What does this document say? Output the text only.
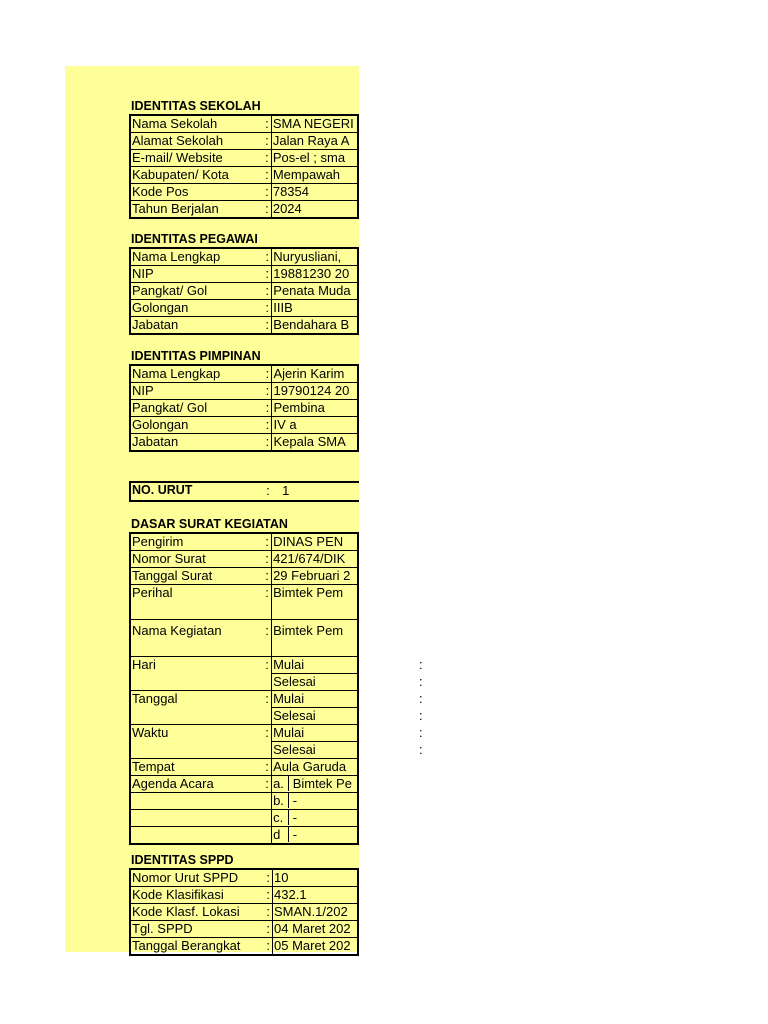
IDENTITAS SEKOLAH
Nama Sekolah	:	SMA NEGERI
Alamat Sekolah	:	Jalan Raya A
E-mail/ Website	:	Pos-el ; sma
Kabupaten/ Kota	:	Mempawah
Kode Pos	:	78354
Tahun Berjalan	:	2024
IDENTITAS PEGAWAI
Nama Lengkap	:	Nuryusliani,
NIP	:	19881230 20
Pangkat/ Gol	:	Penata Muda
Golongan	:	IIIB
Jabatan	:	Bendahara B
IDENTITAS PIMPINAN
Nama Lengkap	:	Ajerin Karim
NIP	:	19790124 20
Pangkat/ Gol	:	Pembina
Golongan	:	IV a
Jabatan	:	Kepala SMA
NO. URUT	:	1
DASAR SURAT KEGIATAN
Pengirim	:	DINAS PEN
Nomor Surat	:	421/674/DIK
Tanggal Surat	:	29 Februari 2
Perihal	:	Bimtek Pem
Nama Kegiatan	:	Bimtek Pem
Hari	:	Mulai :

		Selesai :

Tanggal	:	Mulai :

		Selesai :

Waktu	:	Mulai :

		Selesai :

Tempat	:	Aula Garuda
Agenda Acara	:	a. Bimtek Pe
		b. -
		c. -
		d -
IDENTITAS SPPD
Nomor Urut SPPD	:	10
Kode Klasifikasi	:	432.1
Kode Klasf. Lokasi	:	SMAN.1/202
Tgl. SPPD	:	04 Maret 202
Tanggal Berangkat	:	05 Maret 202
